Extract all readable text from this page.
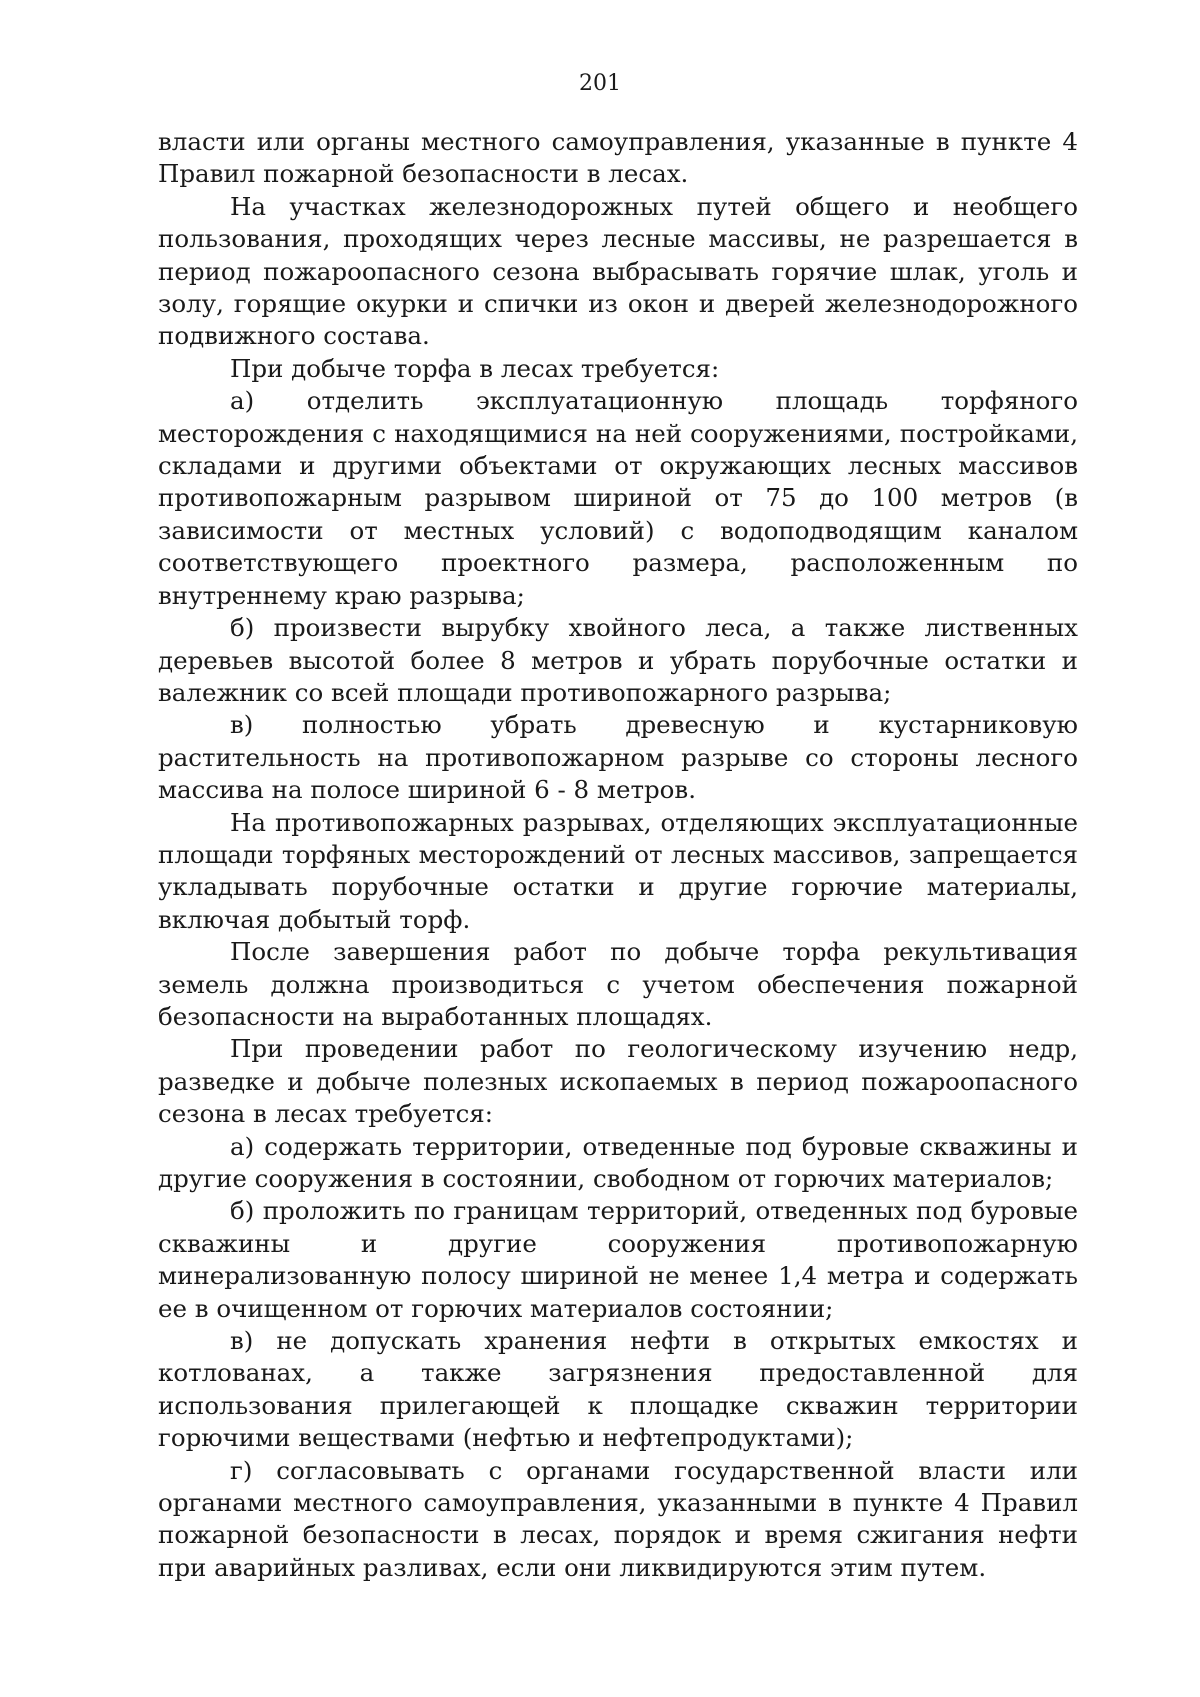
201

власти или органы местного самоуправления, указанные в пункте 4 Правил пожарной безопасности в лесах.

На участках железнодорожных путей общего и необщего пользования, проходящих через лесные массивы, не разрешается в период пожароопасного сезона выбрасывать горячие шлак, уголь и золу, горящие окурки и спички из окон и дверей железнодорожного подвижного состава.

При добыче торфа в лесах требуется:

а) отделить эксплуатационную площадь торфяного месторождения с находящимися на ней сооружениями, постройками, складами и другими объектами от окружающих лесных массивов противопожарным разрывом шириной от 75 до 100 метров (в зависимости от местных условий) с водоподводящим каналом соответствующего проектного размера, расположенным по внутреннему краю разрыва;

б) произвести вырубку хвойного леса, а также лиственных деревьев высотой более 8 метров и убрать порубочные остатки и валежник со всей площади противопожарного разрыва;

в) полностью убрать древесную и кустарниковую растительность на противопожарном разрыве со стороны лесного массива на полосе шириной 6 - 8 метров.

На противопожарных разрывах, отделяющих эксплуатационные площади торфяных месторождений от лесных массивов, запрещается укладывать порубочные остатки и другие горючие материалы, включая добытый торф.

После завершения работ по добыче торфа рекультивация земель должна производиться с учетом обеспечения пожарной безопасности на выработанных площадях.

При проведении работ по геологическому изучению недр, разведке и добыче полезных ископаемых в период пожароопасного сезона в лесах требуется:

а) содержать территории, отведенные под буровые скважины и другие сооружения в состоянии, свободном от горючих материалов;

б) проложить по границам территорий, отведенных под буровые скважины и другие сооружения противопожарную минерализованную полосу шириной не менее 1,4 метра и содержать ее в очищенном от горючих материалов состоянии;

в) не допускать хранения нефти в открытых емкостях и котлованах, а также загрязнения предоставленной для использования прилегающей к площадке скважин территории горючими веществами (нефтью и нефтепродуктами);

г) согласовывать с органами государственной власти или органами местного самоуправления, указанными в пункте 4 Правил пожарной безопасности в лесах, порядок и время сжигания нефти при аварийных разливах, если они ликвидируются этим путем.
